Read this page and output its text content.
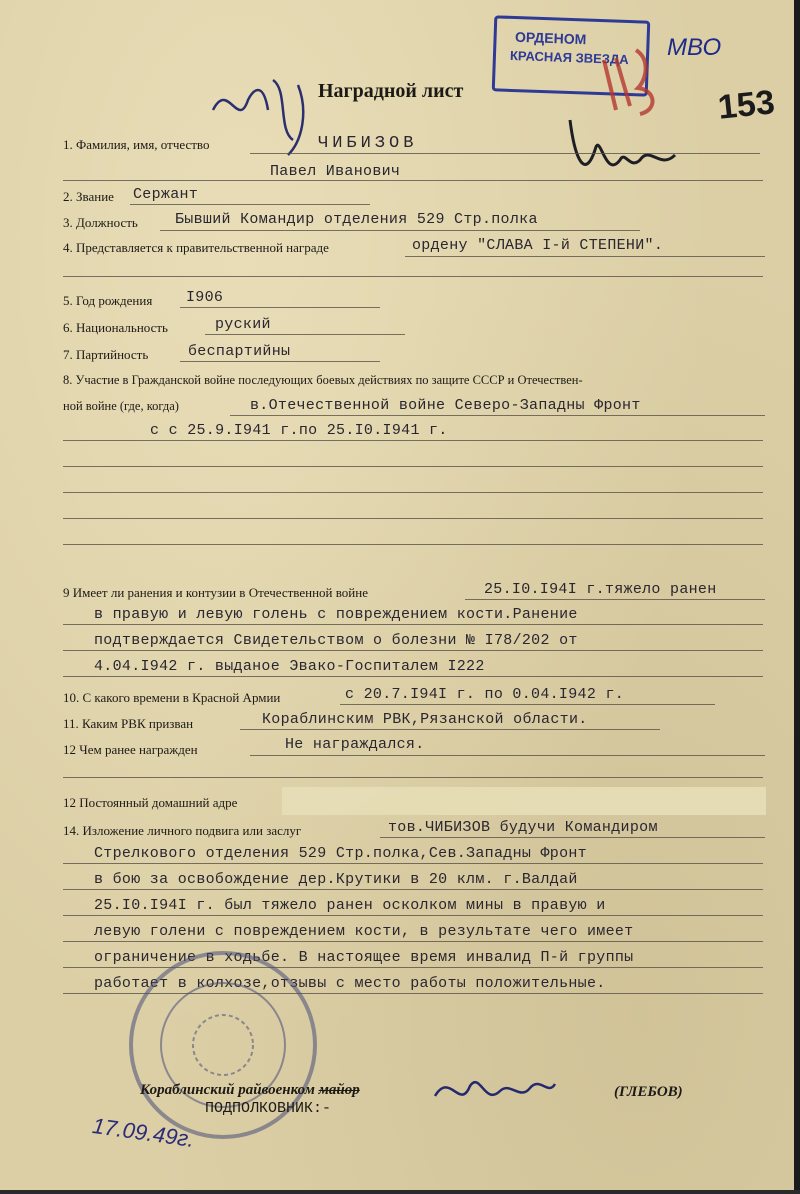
ОРДЕНОМ
КРАСНАЯ ЗВЕЗДА МВО
153
Наградной лист
1. Фамилия, имя, отчество	ЧИБИЗОВ
Павел Иванович
2. Звание Сержант
3. Должность Бывший Командир отделения 529 Стр.полка
4. Представляется к правительственной награде	ордену "СЛАВА I-й СТЕПЕНИ".
5. Год рождения I906
6. Национальность	руский
7. Партийность	беспартийны
8. Участие в Гражданской войне последующих боевых действиях по защите СССР и Отечествен-
ной войне (где, когда)	в.Отечественной войне Северо-Западны Фронт
с с 25.9.I941 г.по 25.I0.I941 г.
9 Имеет ли ранения и контузии в Отечественной войне	25.I0.I94I г.тяжело ранен
в правую и левую голень с повреждением кости.Ранение
подтверждается Свидетельством о болезни № I78/202 от
4.04.I942 г. выданое Эвако-Госпиталем I222
10. С какого времени в Красной Армии	с 20.7.I94I г. по 0.04.I942 г.
11. Каким РВК призван	Кораблинским РВК,Рязанской области.
12 Чем ранее награжден	Не награждался.
12 Постоянный домашний адре
14. Изложение личного подвига или заслуг	тов.ЧИБИЗОВ будучи Командиром
Стрелкового отделения 529 Стр.полка,Сев.Западны Фронт
в бою за освобождение дер.Крутики в 20 клм. г.Валдай
25.I0.I94I г. был тяжело ранен осколком мины в правую и
левую голени с повреждением кости, в результате чего имеет
ограничение в ходьбе. В настоящее время инвалид П-й группы
работает в колхозе,отзывы с место работы положительные.
Кораблинский райвоенком майор	(ГЛЕБОВ)
ПОДПОЛКОВНИК:-
17.09.49г.
